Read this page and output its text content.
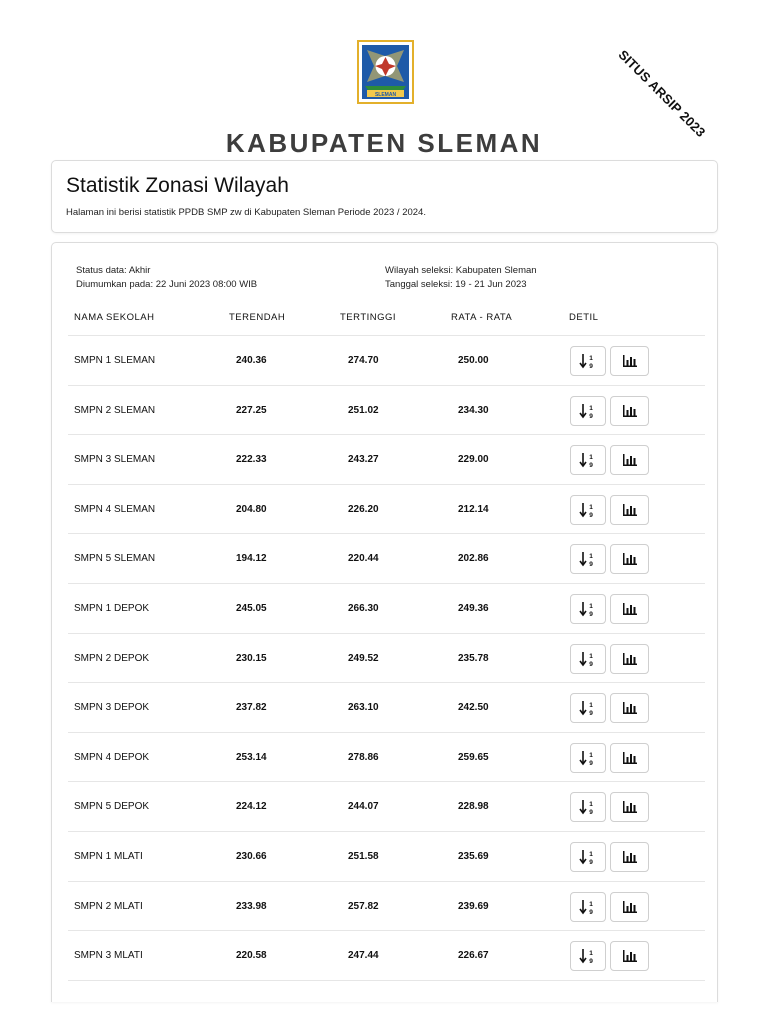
SLEMAN	SITUS ARSIP 2023
KABUPATEN SLEMAN
Statistik Zonasi Wilayah
Halaman ini berisi statistik PPDB SMP zw di Kabupaten Sleman Periode 2023 / 2024.
Status data: Akhir
Diumumkan pada: 22 Juni 2023 08:00 WIB
Wilayah seleksi: Kabupaten Sleman
Tanggal seleksi: 19 - 21 Jun 2023
NAMA SEKOLAH	TERENDAH	TERTINGGI	RATA - RATA	DETIL
SMPN 1 SLEMAN	240.36	274.70	250.00	1
9
SMPN 2 SLEMAN	227.25	251.02	234.30	1
9
SMPN 3 SLEMAN	222.33	243.27	229.00	1
9
SMPN 4 SLEMAN	204.80	226.20	212.14	1
9
SMPN 5 SLEMAN	194.12	220.44	202.86	1
9
SMPN 1 DEPOK	245.05	266.30	249.36	1
9
SMPN 2 DEPOK	230.15	249.52	235.78	1
9
SMPN 3 DEPOK	237.82	263.10	242.50	1
9
SMPN 4 DEPOK	253.14	278.86	259.65	1
9
SMPN 5 DEPOK	224.12	244.07	228.98	1
9
SMPN 1 MLATI	230.66	251.58	235.69	1
9
SMPN 2 MLATI	233.98	257.82	239.69	1
9
SMPN 3 MLATI	220.58	247.44	226.67	1
9
